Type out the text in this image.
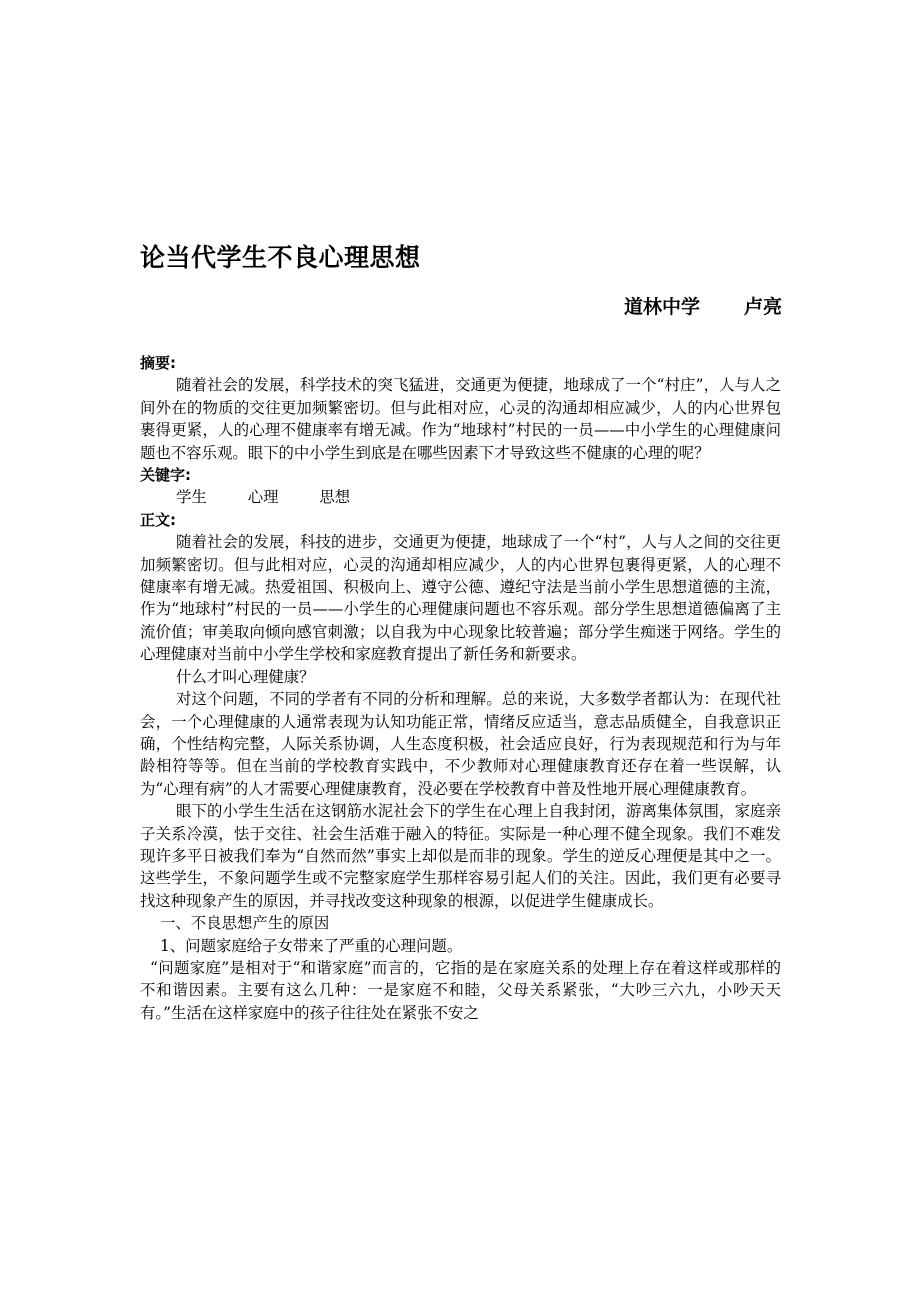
论当代学生不良心理思想
道林中学 卢亮
摘要:

随着社会的发展，科学技术的突飞猛进，交通更为便捷，地球成了一个“村庄”，人与人之间外在的物质的交往更加频繁密切。但与此相对应，心灵的沟通却相应减少，人的内心世界包裹得更紧，人的心理不健康率有增无减。作为“地球村”村民的一员——中小学生的心理健康问题也不容乐观。眼下的中小学生到底是在哪些因素下才导致这些不健康的心理的呢？

关键字:
学生	心理	思想
正文:

随着社会的发展，科技的进步，交通更为便捷，地球成了一个“村”，人与人之间的交往更加频繁密切。但与此相对应，心灵的沟通却相应减少，人的内心世界包裹得更紧，人的心理不健康率有增无减。热爱祖国、积极向上、遵守公德、遵纪守法是当前小学生思想道德的主流，作为“地球村”村民的一员——小学生的心理健康问题也不容乐观。部分学生思想道德偏离了主流价值；审美取向倾向感官刺激；以自我为中心现象比较普遍；部分学生痴迷于网络。学生的心理健康对当前中小学生学校和家庭教育提出了新任务和新要求。

什么才叫心理健康？

对这个问题，不同的学者有不同的分析和理解。总的来说，大多数学者都认为：在现代社会，一个心理健康的人通常表现为认知功能正常，情绪反应适当，意志品质健全，自我意识正确，个性结构完整，人际关系协调，人生态度积极，社会适应良好，行为表现规范和行为与年龄相符等等。但在当前的学校教育实践中，不少教师对心理健康教育还存在着一些误解，认为“心理有病”的人才需要心理健康教育，没必要在学校教育中普及性地开展心理健康教育。

眼下的小学生生活在这钢筋水泥社会下的学生在心理上自我封闭，游离集体氛围，家庭亲子关系冷漠，怯于交往、社会生活难于融入的特征。实际是一种心理不健全现象。我们不难发现许多平日被我们奉为“自然而然”事实上却似是而非的现象。学生的逆反心理便是其中之一。这些学生，不象问题学生或不完整家庭学生那样容易引起人们的关注。因此，我们更有必要寻找这种现象产生的原因，并寻找改变这种现象的根源，以促进学生健康成长。

一、不良思想产生的原因

1、问题家庭给子女带来了严重的心理问题。

“问题家庭”是相对于“和谐家庭”而言的，它指的是在家庭关系的处理上存在着这样或那样的不和谐因素。主要有这么几种：一是家庭不和睦，父母关系紧张，“大吵三六九，小吵天天有。”生活在这样家庭中的孩子往往处在紧张不安之
